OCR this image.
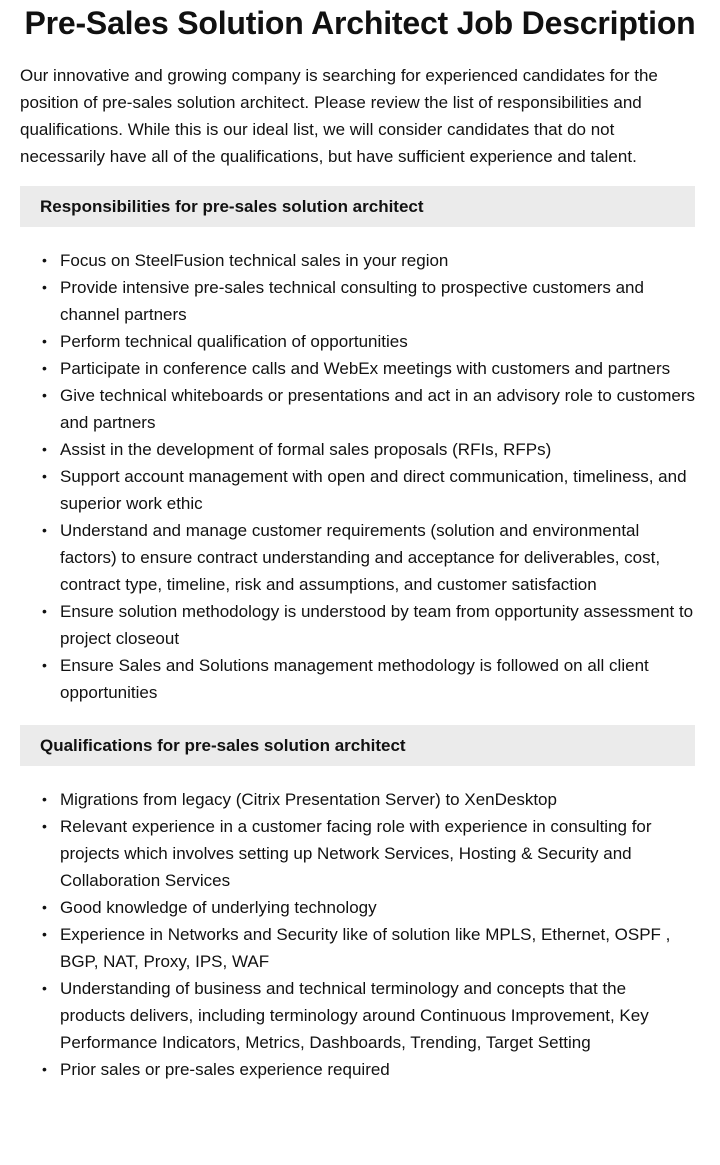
Pre-Sales Solution Architect Job Description

Our innovative and growing company is searching for experienced candidates for the position of pre-sales solution architect. Please review the list of responsibilities and qualifications. While this is our ideal list, we will consider candidates that do not necessarily have all of the qualifications, but have sufficient experience and talent.

Responsibilities for pre-sales solution architect
• Focus on SteelFusion technical sales in your region
• Provide intensive pre-sales technical consulting to prospective customers and channel partners
• Perform technical qualification of opportunities
• Participate in conference calls and WebEx meetings with customers and partners
• Give technical whiteboards or presentations and act in an advisory role to customers and partners
• Assist in the development of formal sales proposals (RFIs, RFPs)
• Support account management with open and direct communication, timeliness, and superior work ethic
• Understand and manage customer requirements (solution and environmental factors) to ensure contract understanding and acceptance for deliverables, cost, contract type, timeline, risk and assumptions, and customer satisfaction
• Ensure solution methodology is understood by team from opportunity assessment to project closeout
• Ensure Sales and Solutions management methodology is followed on all client opportunities
Qualifications for pre-sales solution architect
• Migrations from legacy (Citrix Presentation Server) to XenDesktop
• Relevant experience in a customer facing role with experience in consulting for projects which involves setting up Network Services, Hosting & Security and Collaboration Services
• Good knowledge of underlying technology
• Experience in Networks and Security like of solution like MPLS, Ethernet, OSPF , BGP, NAT, Proxy, IPS, WAF
• Understanding of business and technical terminology and concepts that the products delivers, including terminology around Continuous Improvement, Key Performance Indicators, Metrics, Dashboards, Trending, Target Setting
• Prior sales or pre-sales experience required
